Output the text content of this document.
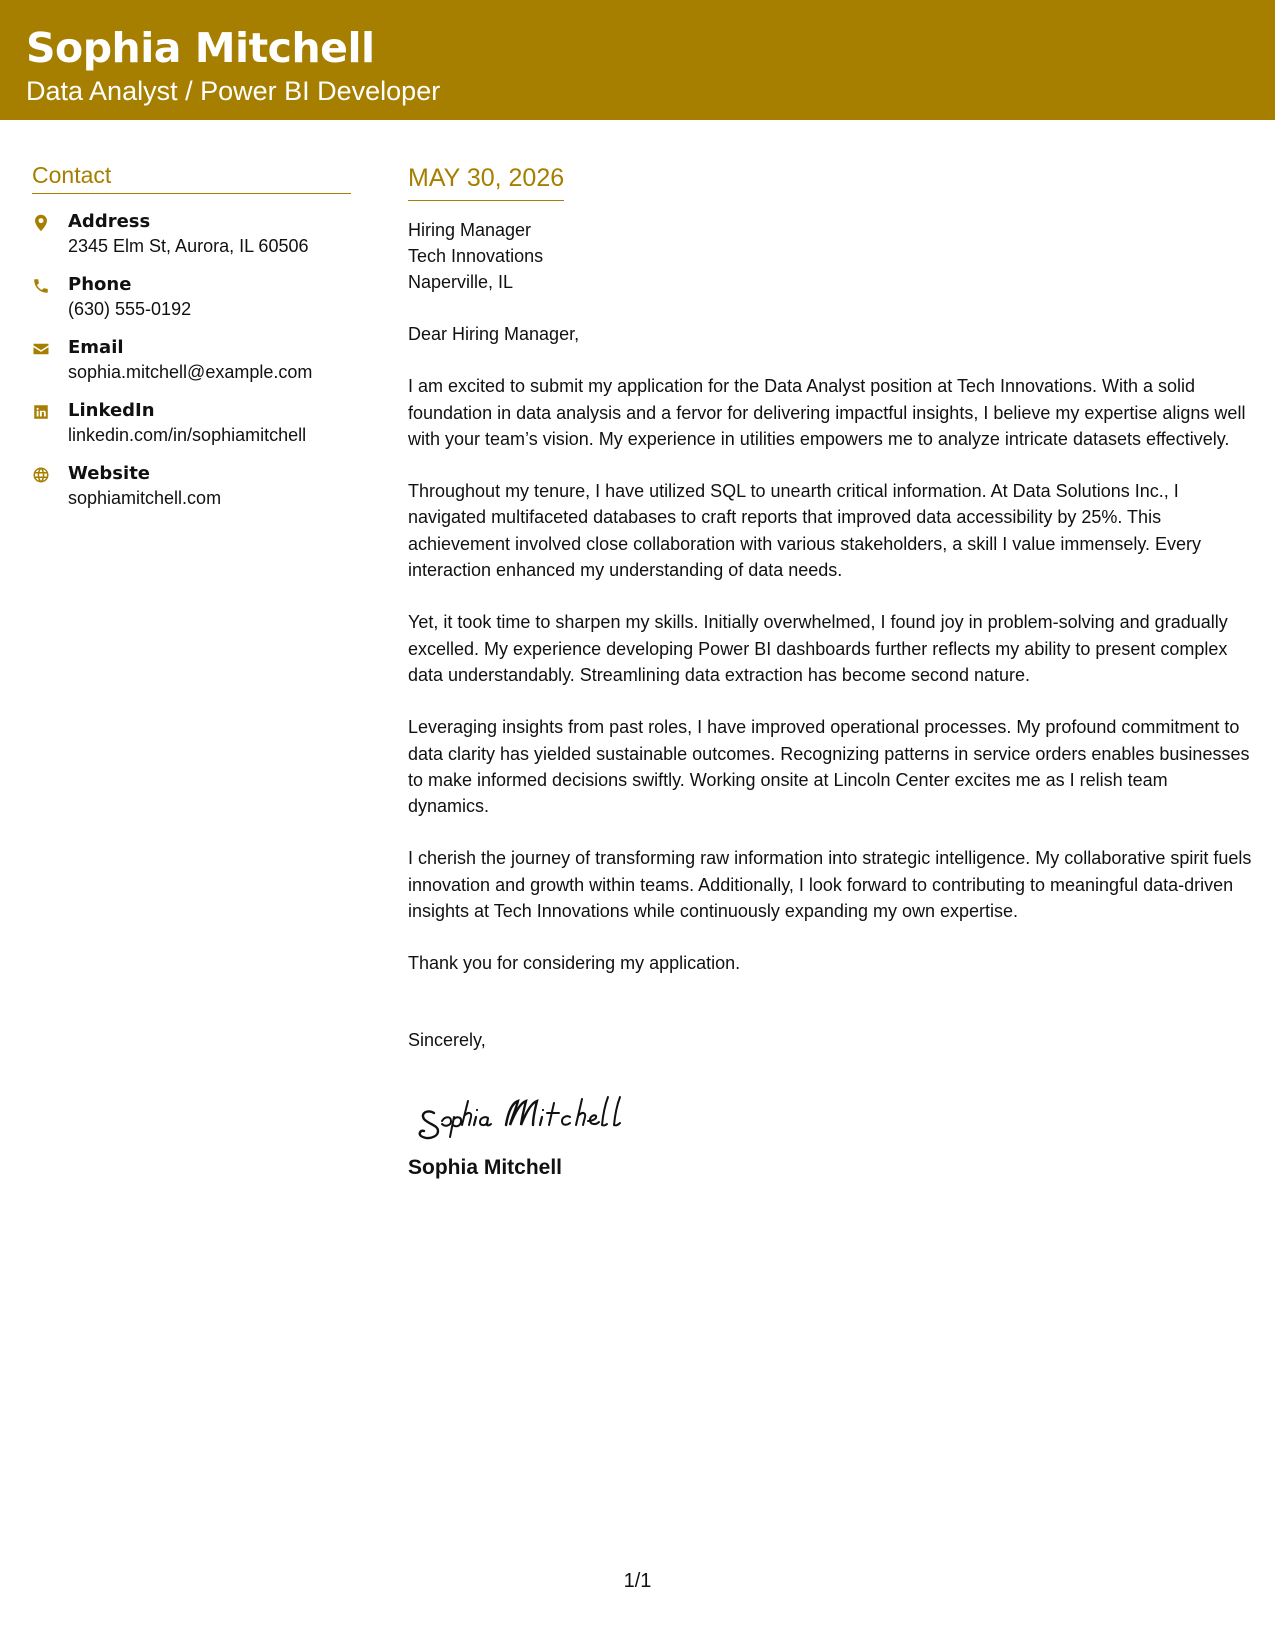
Sophia Mitchell
Data Analyst / Power BI Developer
Contact
Address
2345 Elm St, Aurora, IL 60506
Phone
(630) 555-0192
Email
sophia.mitchell@example.com
LinkedIn
linkedin.com/in/sophiamitchell
Website
sophiamitchell.com
MAY 30, 2026
Hiring Manager
Tech Innovations
Naperville, IL
Dear Hiring Manager,
I am excited to submit my application for the Data Analyst position at Tech Innovations. With a solid foundation in data analysis and a fervor for delivering impactful insights, I believe my expertise aligns well with your team’s vision. My experience in utilities empowers me to analyze intricate datasets effectively.
Throughout my tenure, I have utilized SQL to unearth critical information. At Data Solutions Inc., I navigated multifaceted databases to craft reports that improved data accessibility by 25%. This achievement involved close collaboration with various stakeholders, a skill I value immensely. Every interaction enhanced my understanding of data needs.
Yet, it took time to sharpen my skills. Initially overwhelmed, I found joy in problem-solving and gradually excelled. My experience developing Power BI dashboards further reflects my ability to present complex data understandably. Streamlining data extraction has become second nature.
Leveraging insights from past roles, I have improved operational processes. My profound commitment to data clarity has yielded sustainable outcomes. Recognizing patterns in service orders enables businesses to make informed decisions swiftly. Working onsite at Lincoln Center excites me as I relish team dynamics.
I cherish the journey of transforming raw information into strategic intelligence. My collaborative spirit fuels innovation and growth within teams. Additionally, I look forward to contributing to meaningful data-driven insights at Tech Innovations while continuously expanding my own expertise.
Thank you for considering my application.
Sincerely,
Sophia Mitchell
1/1
